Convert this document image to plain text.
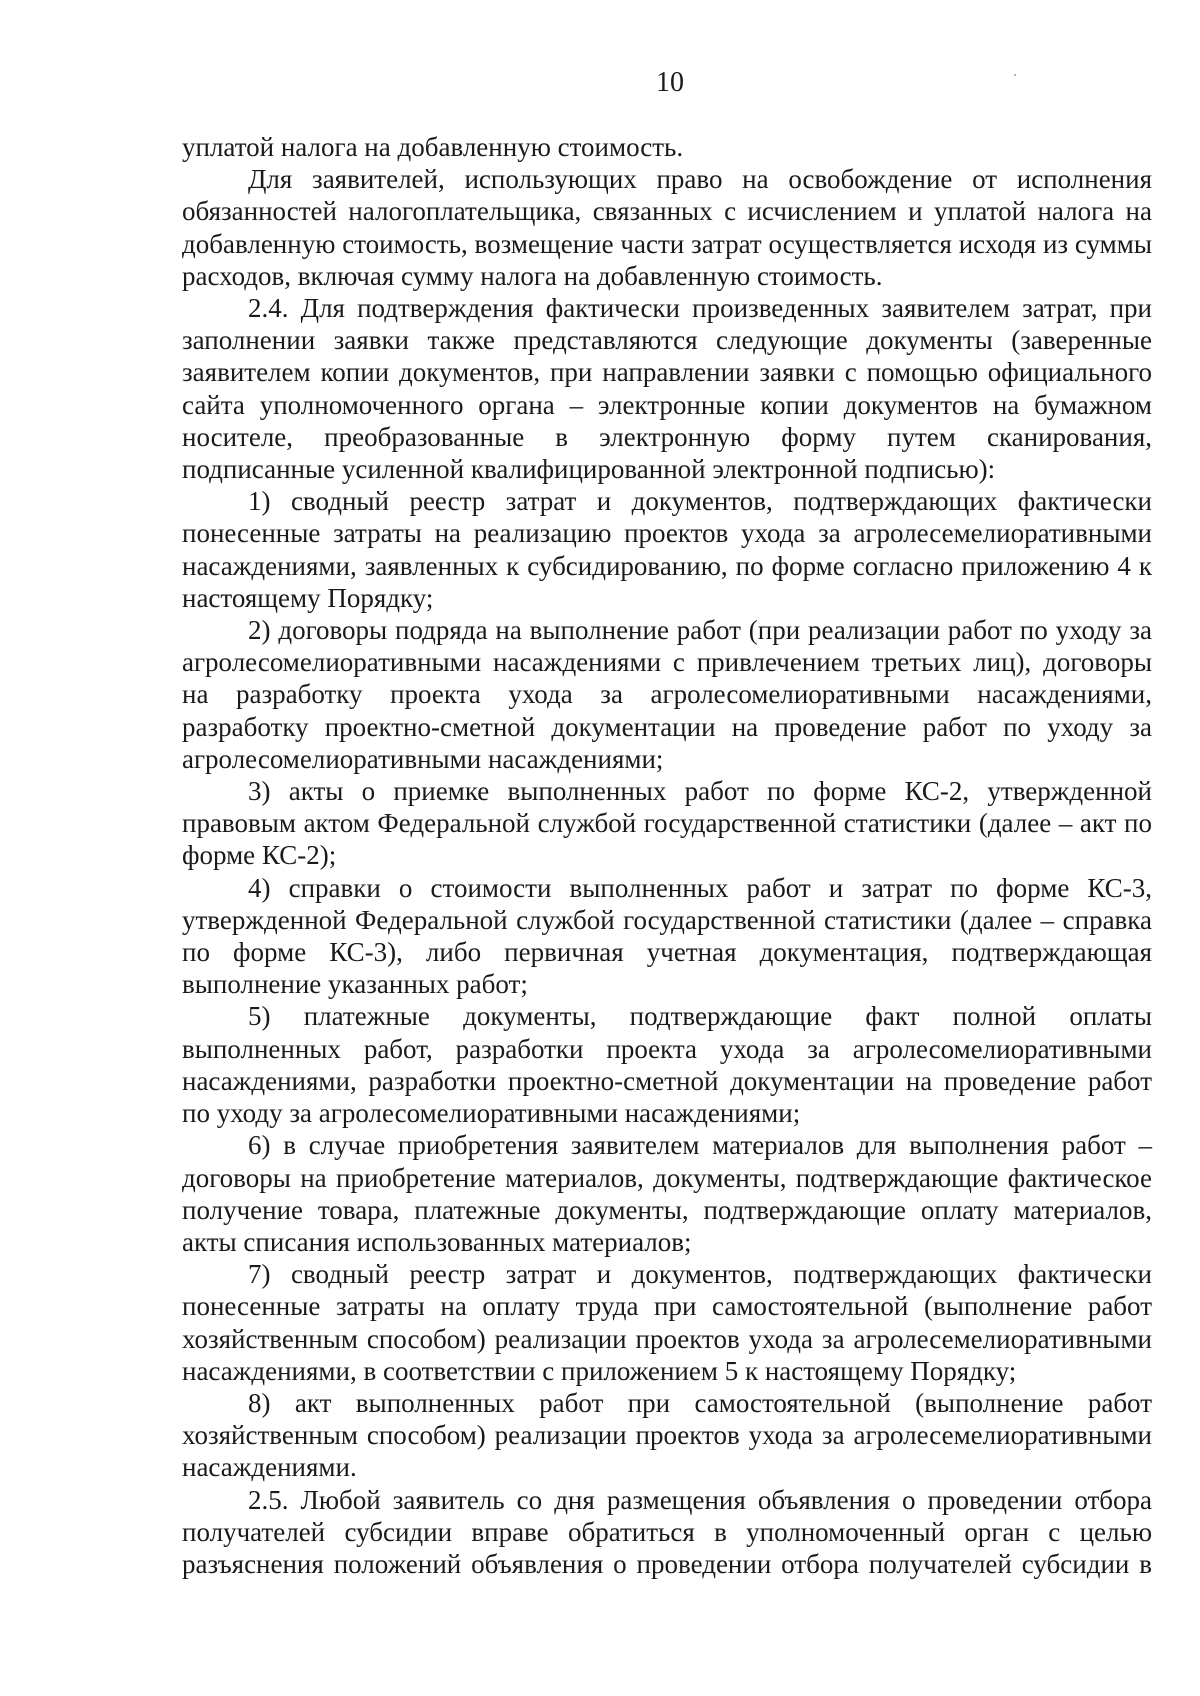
10

уплатой налога на добавленную стоимость.

Для заявителей, использующих право на освобождение от исполнения обязанностей налогоплательщика, связанных с исчислением и уплатой налога на добавленную стоимость, возмещение части затрат осуществляется исходя из суммы расходов, включая сумму налога на добавленную стоимость.

2.4. Для подтверждения фактически произведенных заявителем затрат, при заполнении заявки также представляются следующие документы (заверенные заявителем копии документов, при направлении заявки с помощью официального сайта уполномоченного органа – электронные копии документов на бумажном носителе, преобразованные в электронную форму путем сканирования, подписанные усиленной квалифицированной электронной подписью):

1) сводный реестр затрат и документов, подтверждающих фактически понесенные затраты на реализацию проектов ухода за агролесемелиоративными насаждениями, заявленных к субсидированию, по форме согласно приложению 4 к настоящему Порядку;

2) договоры подряда на выполнение работ (при реализации работ по уходу за агролесомелиоративными насаждениями с привлечением третьих лиц), договоры на разработку проекта ухода за агролесомелиоративными насаждениями, разработку проектно-сметной документации на проведение работ по уходу за агролесомелиоративными насаждениями;

3) акты о приемке выполненных работ по форме КС-2, утвержденной правовым актом Федеральной службой государственной статистики (далее – акт по форме КС-2);

4) справки о стоимости выполненных работ и затрат по форме КС-3, утвержденной Федеральной службой государственной статистики (далее – справка по форме КС-3), либо первичная учетная документация, подтверждающая выполнение указанных работ;

5) платежные документы, подтверждающие факт полной оплаты выполненных работ, разработки проекта ухода за агролесомелиоративными насаждениями, разработки проектно-сметной документации на проведение работ по уходу за агролесомелиоративными насаждениями;

6) в случае приобретения заявителем материалов для выполнения работ – договоры на приобретение материалов, документы, подтверждающие фактическое получение товара, платежные документы, подтверждающие оплату материалов, акты списания использованных материалов;

7) сводный реестр затрат и документов, подтверждающих фактически понесенные затраты на оплату труда при самостоятельной (выполнение работ хозяйственным способом) реализации проектов ухода за агролесемелиоративными насаждениями, в соответствии с приложением 5 к настоящему Порядку;

8) акт выполненных работ при самостоятельной (выполнение работ хозяйственным способом) реализации проектов ухода за агролесемелиоративными насаждениями.

2.5. Любой заявитель со дня размещения объявления о проведении отбора получателей субсидии вправе обратиться в уполномоченный орган с целью разъяснения положений объявления о проведении отбора получателей субсидии в
